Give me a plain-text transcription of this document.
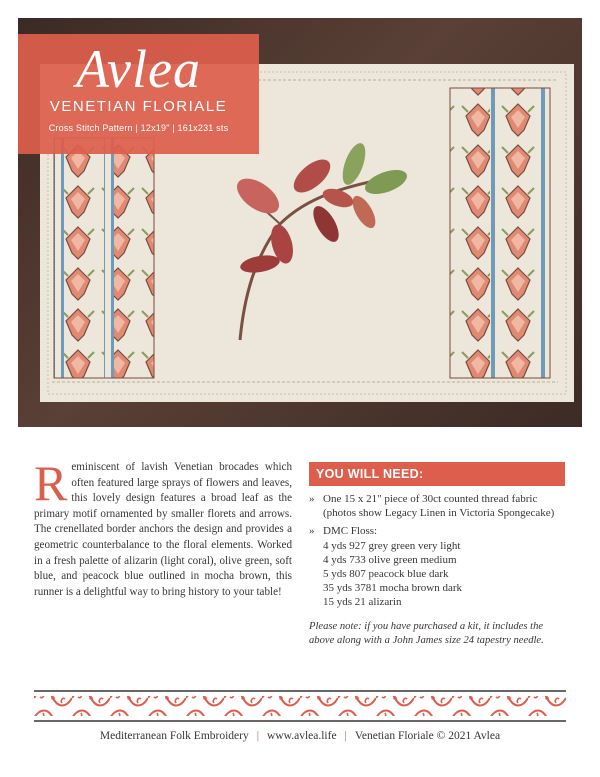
Avlea
VENETIAN FLORIALE
Cross Stitch Pattern | 12x19" | 161x231 sts
Reminiscent of lavish Venetian brocades which often featured large sprays of flowers and leaves, this lovely design features a broad leaf as the primary motif ornamented by smaller florets and arrows. The crenellated border anchors the design and provides a geometric counterbalance to the floral elements. Worked in a fresh palette of alizarin (light coral), olive green, soft blue, and peacock blue outlined in mocha brown, this runner is a delightful way to bring history to your table!
YOU WILL NEED:
» One 15 x 21" piece of 30ct counted thread fabric (photos show Legacy Linen in Victoria Spongecake)
» DMC Floss:
4 yds 927 grey green very light
4 yds 733 olive green medium
5 yds 807 peacock blue dark
35 yds 3781 mocha brown dark
15 yds 21 alizarin
Please note: if you have purchased a kit, it includes the above along with a John James size 24 tapestry needle.
Mediterranean Folk Embroidery | www.avlea.life | Venetian Floriale © 2021 Avlea
